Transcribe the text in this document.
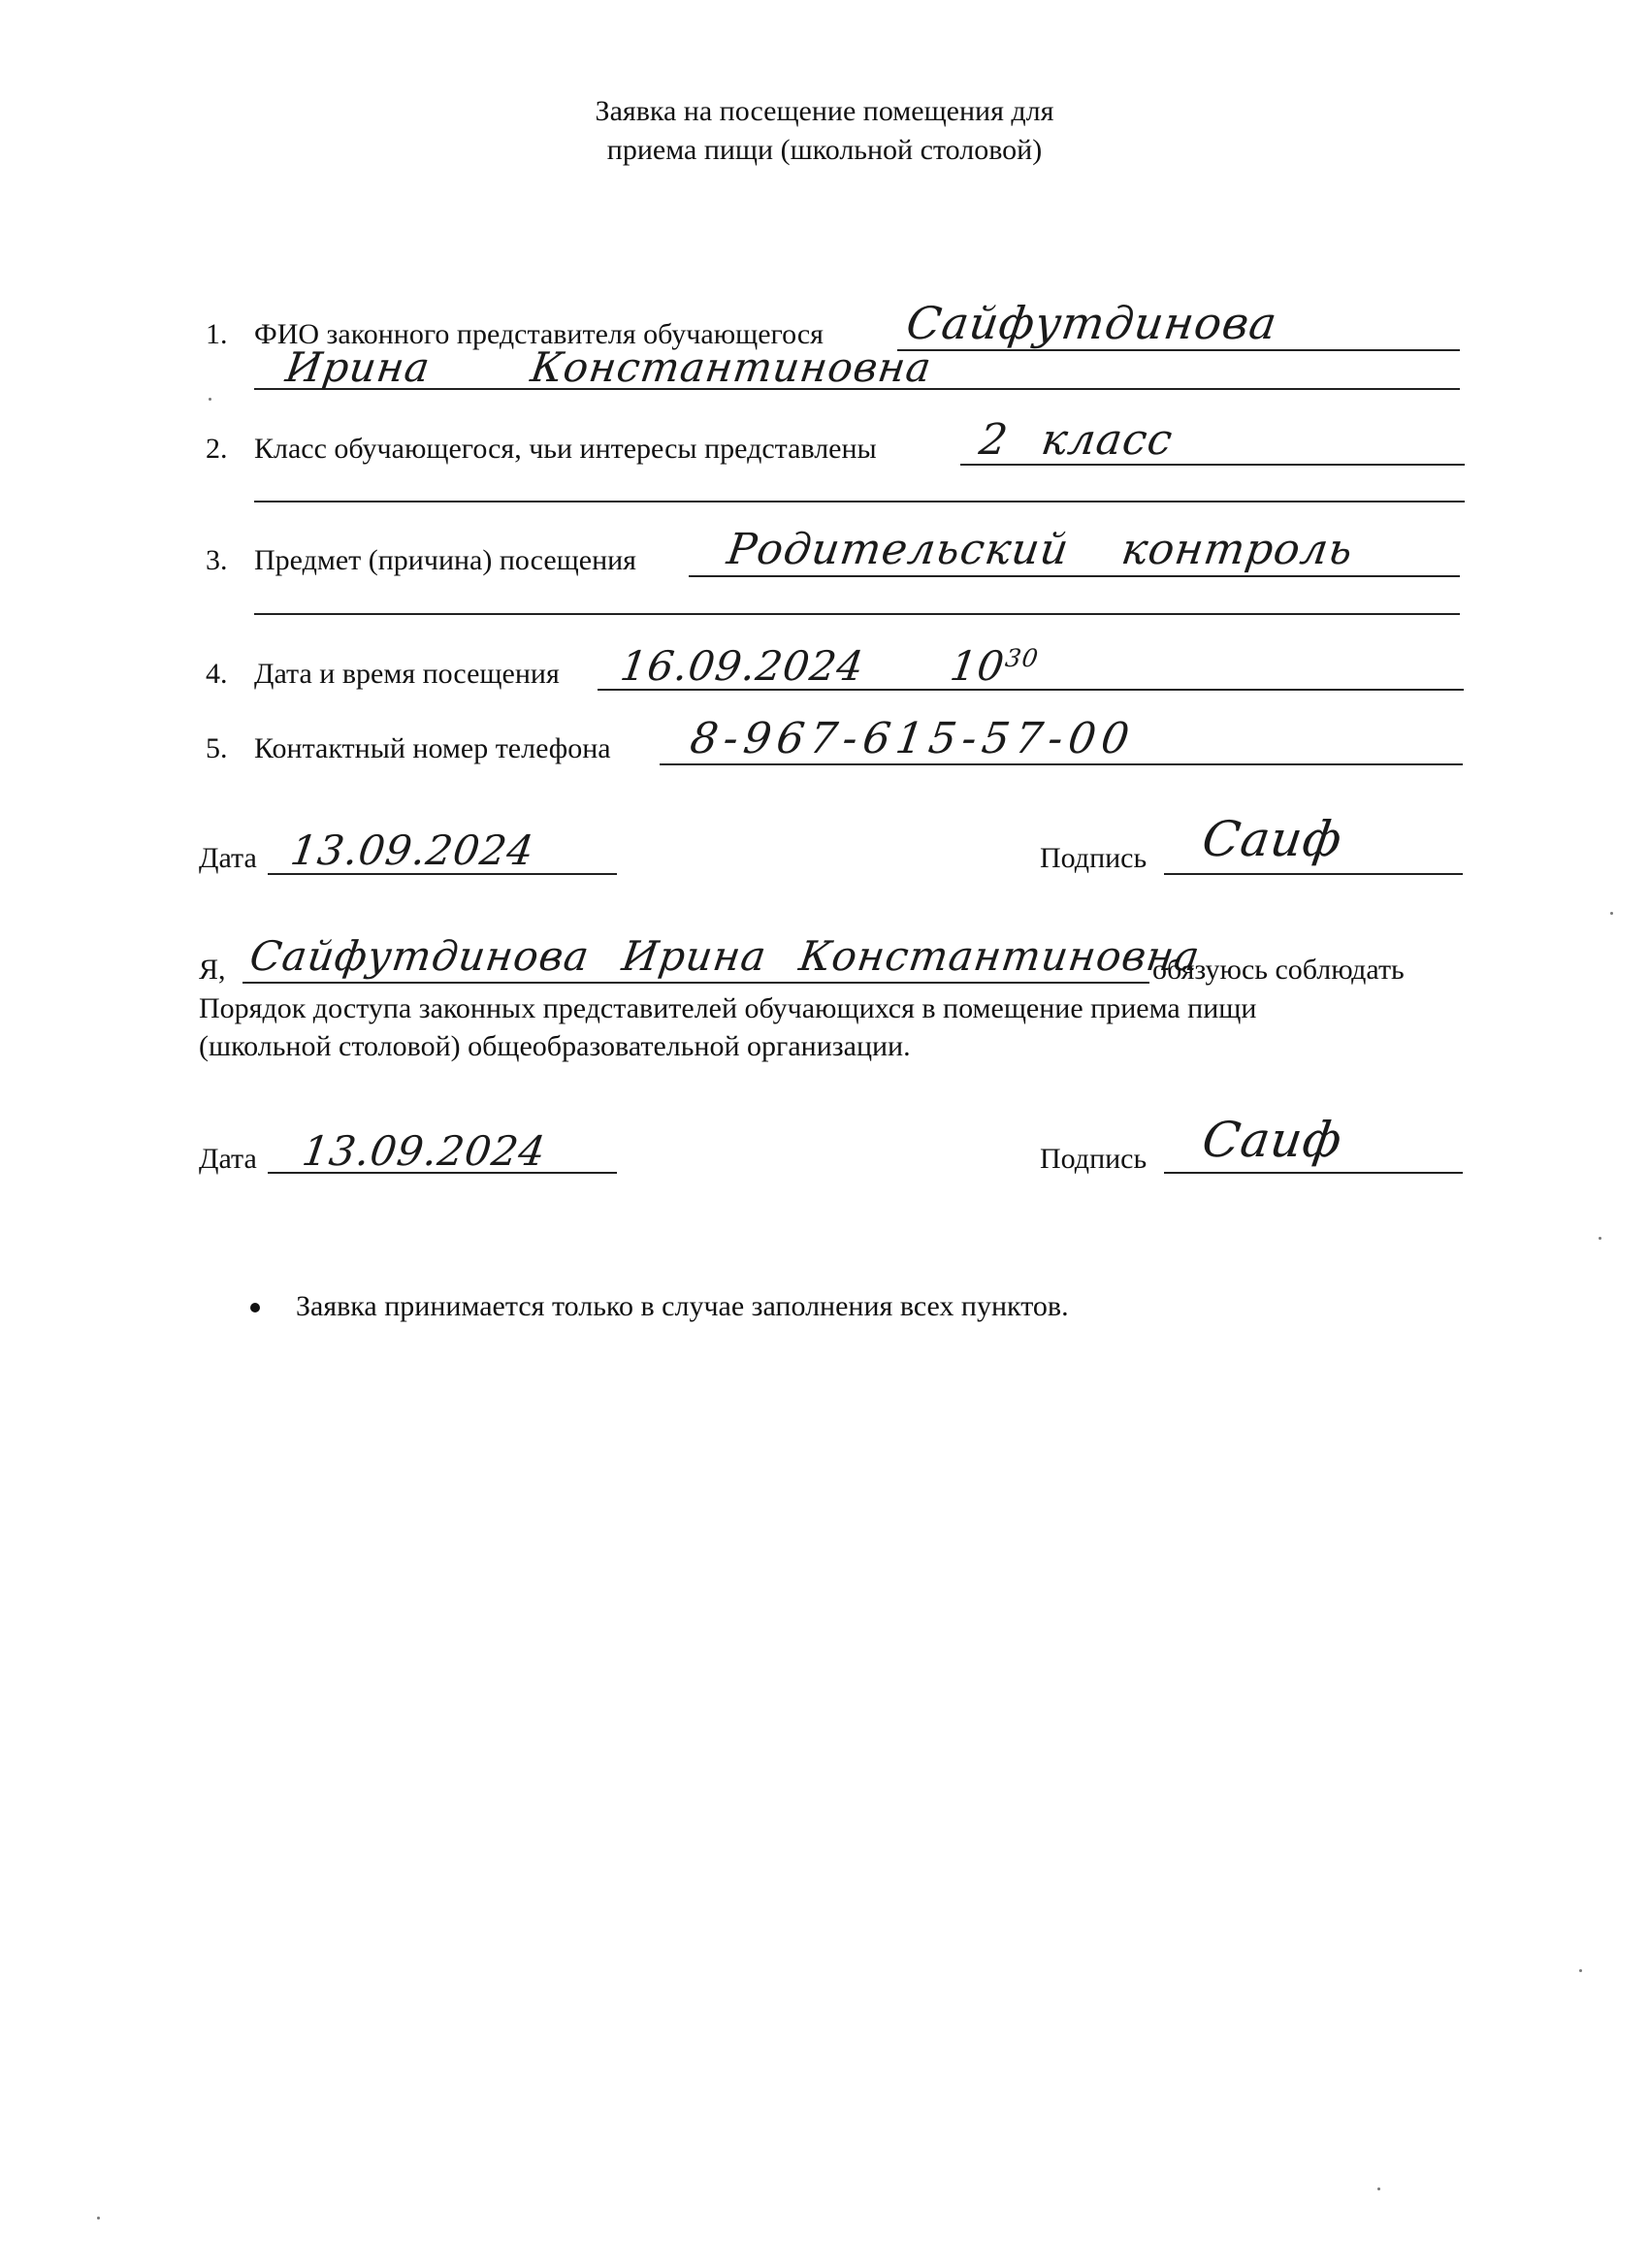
Заявка на посещение помещения для
приема пищи (школьной столовой)
1. ФИО законного представителя обучающегося Сайфутдинова
Ирина Константиновна
2. Класс обучающегося, чьи интересы представлены 2 класс
3. Предмет (причина) посещения Родительский контроль
4. Дата и время посещения 16.09.2024 $10^{30}$
5. Контактный номер телефона 8-967-615-57-00
Дата 13.09.2024	Подпись Саиф
Я, Сайфутдинова Ирина Константиновна
обязуюсь соблюдать
Порядок доступа законных представителей обучающихся в помещение приема пищи
(школьной столовой) общеобразовательной организации.
Дата 13.09.2024	Подпись Саиф
Заявка принимается только в случае заполнения всех пунктов.
